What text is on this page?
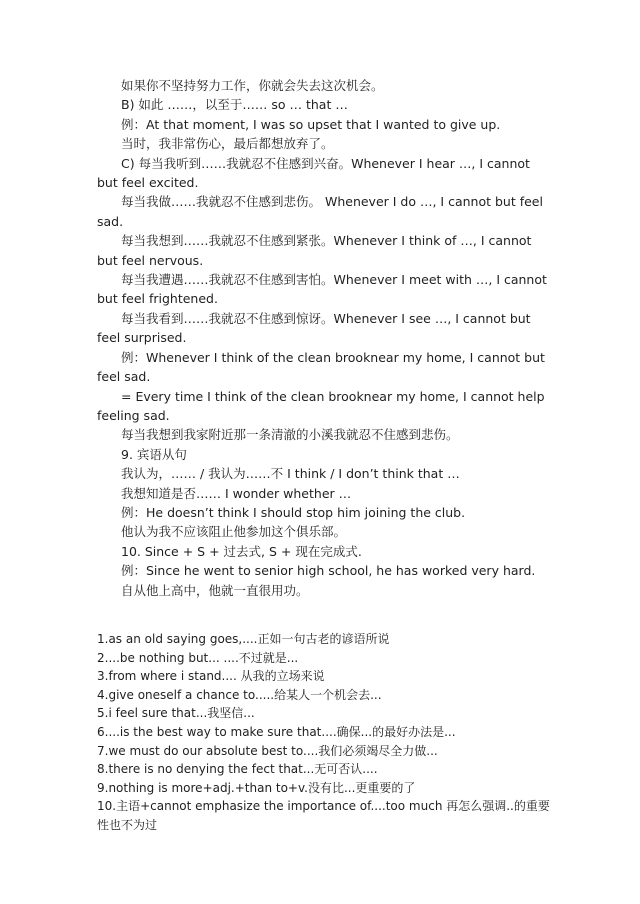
如果你不坚持努力工作，你就会失去这次机会。

B) 如此 ……，以至于…… so … that …

例：At that moment, I was so upset that I wanted to give up.

当时，我非常伤心，最后都想放弃了。

C) 每当我听到……我就忍不住感到兴奋。Whenever I hear …, I cannot but feel excited.

每当我做……我就忍不住感到悲伤。 Whenever I do …, I cannot but feel sad.

每当我想到……我就忍不住感到紧张。Whenever I think of …, I cannot but feel nervous.

每当我遭遇……我就忍不住感到害怕。Whenever I meet with …, I cannot but feel frightened.

每当我看到……我就忍不住感到惊讶。Whenever I see …, I cannot but feel surprised.

例：Whenever I think of the clean brooknear my home, I cannot but feel sad.

= Every time I think of the clean brooknear my home, I cannot help feeling sad.

每当我想到我家附近那一条清澈的小溪我就忍不住感到悲伤。

9. 宾语从句

我认为，…… / 我认为……不 I think / I don’t think that …

我想知道是否…… I wonder whether …

例：He doesn’t think I should stop him joining the club.

他认为我不应该阻止他参加这个俱乐部。

10. Since + S + 过去式, S + 现在完成式.

例：Since he went to senior high school, he has worked very hard.

自从他上高中，他就一直很用功。

1.as an old saying goes,....正如一句古老的谚语所说

2....be nothing but... ....不过就是...

3.from where i stand.... 从我的立场来说

4.give oneself a chance to.....给某人一个机会去...

5.i feel sure that...我坚信...

6....is the best way to make sure that....确保...的最好办法是...

7.we must do our absolute best to....我们必须竭尽全力做...

8.there is no denying the fect that...无可否认....

9.nothing is more+adj.+than to+v.没有比...更重要的了

10.主语+cannot emphasize the importance of....too much 再怎么强调..的重要性也不为过
